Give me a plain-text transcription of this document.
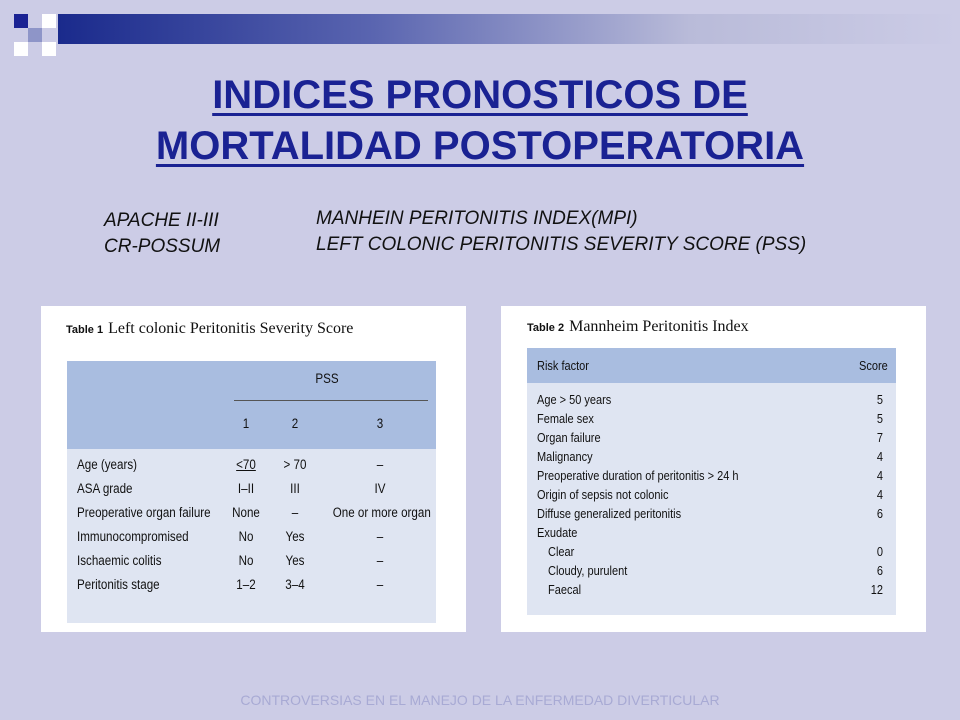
INDICES PRONOSTICOS DE
MORTALIDAD POSTOPERATORIA
APACHE II-III
CR-POSSUM
MANHEIN PERITONITIS INDEX(MPI)
LEFT COLONIC PERITONITIS SEVERITY SCORE (PSS)
Table 1 Left colonic Peritonitis Severity Score
PSS
1	2	3
Age (years)	<70	> 70	–
ASA grade	I–II	III	IV
Preoperative organ failure None	–	One or more organ
Immunocompromised	No	Yes	–
Ischaemic colitis	No	Yes	–
Peritonitis stage	1–2	3–4	–
Table 2 Mannheim Peritonitis Index
Risk factor	Score
Age > 50 years	5
Female sex	5
Organ failure	7
Malignancy	4
Preoperative duration of peritonitis > 24 h	4
Origin of sepsis not colonic	4
Diffuse generalized peritonitis	6
Exudate
Clear	0
Cloudy, purulent	6
Faecal	12
CONTROVERSIAS EN EL MANEJO DE LA ENFERMEDAD DIVERTICULAR
